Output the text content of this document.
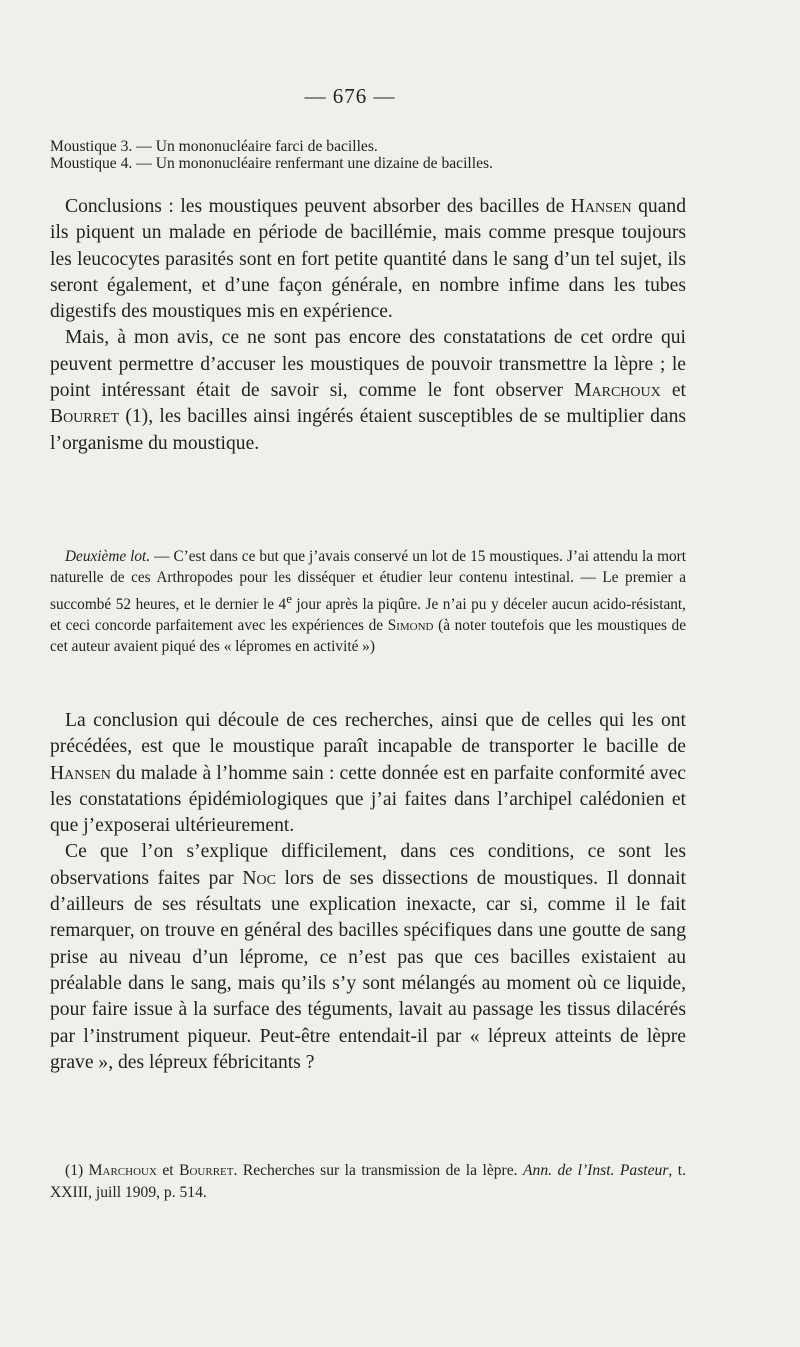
— 676 —

Moustique 3. — Un mononucléaire farci de bacilles.

Moustique 4. — Un mononucléaire renfermant une dizaine de bacilles.

Conclusions : les moustiques peuvent absorber des bacilles de Hansen quand ils piquent un malade en période de bacillémie, mais comme presque toujours les leucocytes parasités sont en fort petite quantité dans le sang d’un tel sujet, ils seront également, et d’une façon générale, en nombre infime dans les tubes digestifs des moustiques mis en expérience.

Mais, à mon avis, ce ne sont pas encore des constatations de cet ordre qui peuvent permettre d’accuser les moustiques de pouvoir transmettre la lèpre ; le point intéressant était de savoir si, comme le font observer Marchoux et Bourret (1), les bacilles ainsi ingérés étaient susceptibles de se multiplier dans l’organisme du moustique.

Deuxième lot. — C’est dans ce but que j’avais conservé un lot de 15 moustiques. J’ai attendu la mort naturelle de ces Arthropodes pour les disséquer et étudier leur contenu intestinal. — Le premier a succombé 52 heures, et le dernier le 4e jour après la piqûre. Je n’ai pu y déceler aucun acido-résistant, et ceci concorde parfaitement avec les expériences de Simond (à noter toutefois que les moustiques de cet auteur avaient piqué des « lépromes en activité »)

La conclusion qui découle de ces recherches, ainsi que de celles qui les ont précédées, est que le moustique paraît incapable de transporter le bacille de Hansen du malade à l’homme sain : cette donnée est en parfaite conformité avec les constatations épidémiologiques que j’ai faites dans l’archipel calédonien et que j’exposerai ultérieurement.

Ce que l’on s’explique difficilement, dans ces conditions, ce sont les observations faites par Noc lors de ses dissections de moustiques. Il donnait d’ailleurs de ses résultats une explication inexacte, car si, comme il le fait remarquer, on trouve en général des bacilles spécifiques dans une goutte de sang prise au niveau d’un léprome, ce n’est pas que ces bacilles existaient au préalable dans le sang, mais qu’ils s’y sont mélangés au moment où ce liquide, pour faire issue à la surface des téguments, lavait au passage les tissus dilacérés par l’instrument piqueur. Peut-être entendait-il par « lépreux atteints de lèpre grave », des lépreux fébricitants ?

(1) Marchoux et Bourret. Recherches sur la transmission de la lèpre. Ann. de l’Inst. Pasteur, t. XXIII, juill 1909, p. 514.
